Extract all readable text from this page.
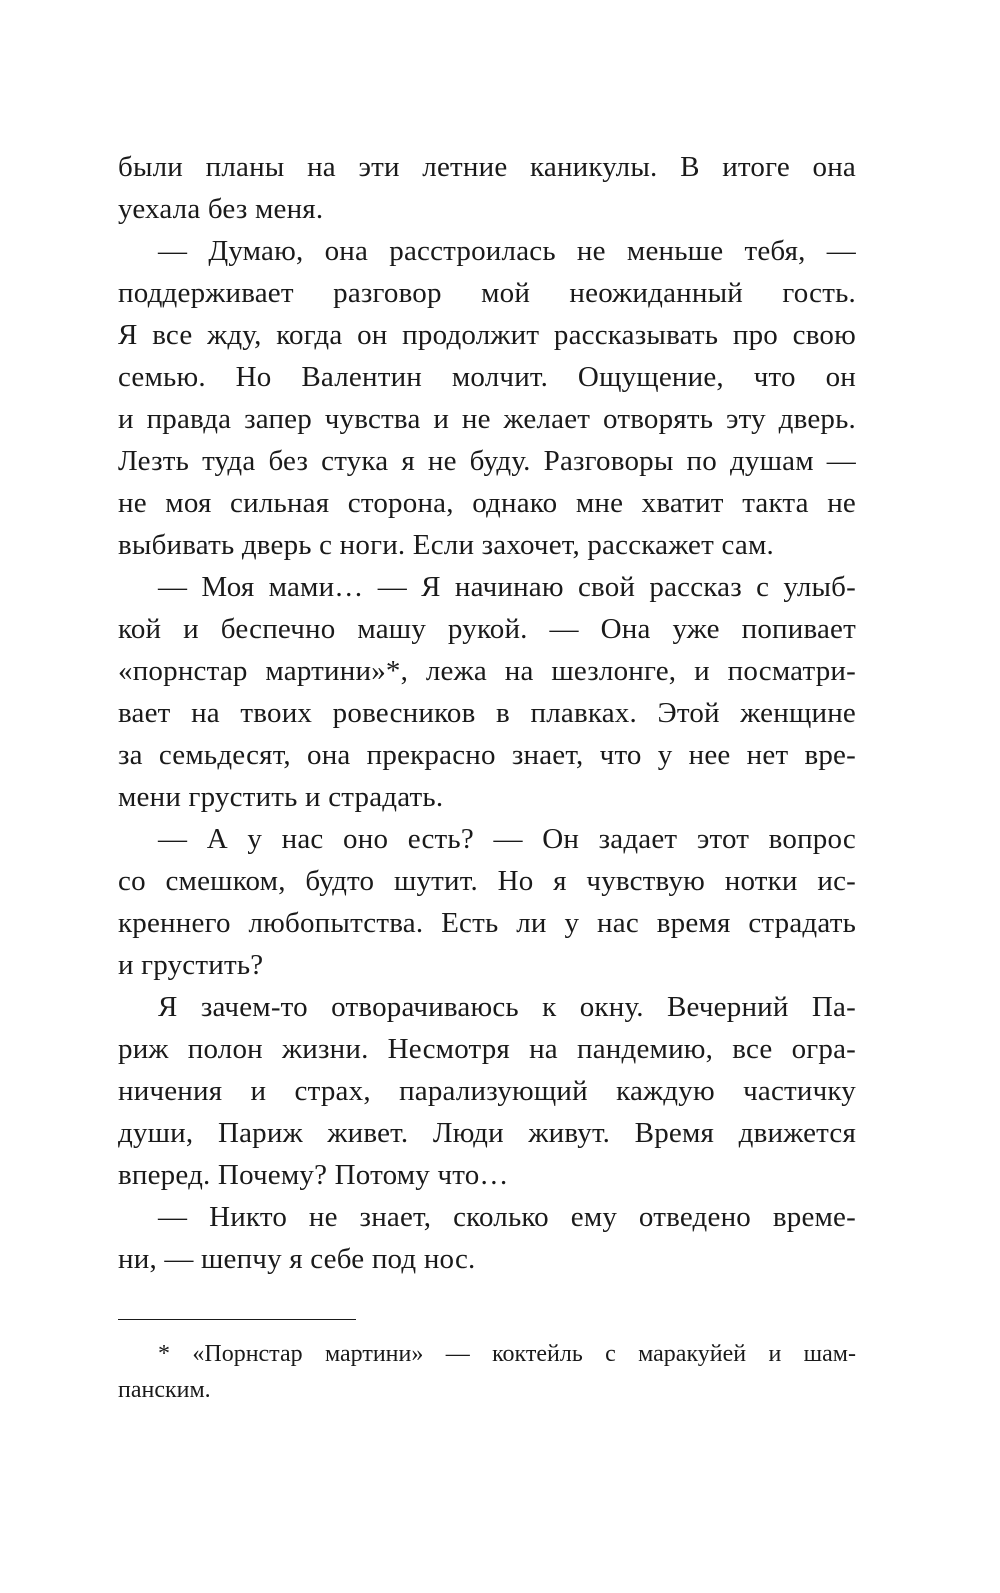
были планы на эти летние каникулы. В итоге она
уехала без меня.
— Думаю, она расстроилась не меньше тебя, —
поддерживает разговор мой неожиданный гость.
Я все жду, когда он продолжит рассказывать про свою
семью. Но Валентин молчит. Ощущение, что он
и правда запер чувства и не желает отворять эту дверь.
Лезть туда без стука я не буду. Разговоры по душам —
не моя сильная сторона, однако мне хватит такта не
выбивать дверь с ноги. Если захочет, расскажет сам.
— Моя мами… — Я начинаю свой рассказ с улыб-
кой и беспечно машу рукой. — Она уже попивает
«порнстар мартини»*, лежа на шезлонге, и посматри-
вает на твоих ровесников в плавках. Этой женщине
за семьдесят, она прекрасно знает, что у нее нет вре-
мени грустить и страдать.
— А у нас оно есть? — Он задает этот вопрос
со смешком, будто шутит. Но я чувствую нотки ис-
креннего любопытства. Есть ли у нас время страдать
и грустить?
Я зачем-то отворачиваюсь к окну. Вечерний Па-
риж полон жизни. Несмотря на пандемию, все огра-
ничения и страх, парализующий каждую частичку
души, Париж живет. Люди живут. Время движется
вперед. Почему? Потому что…
— Никто не знает, сколько ему отведено време-
ни, — шепчу я себе под нос.
* «Порнстар мартини» — коктейль с маракуйей и шам-
панским.
